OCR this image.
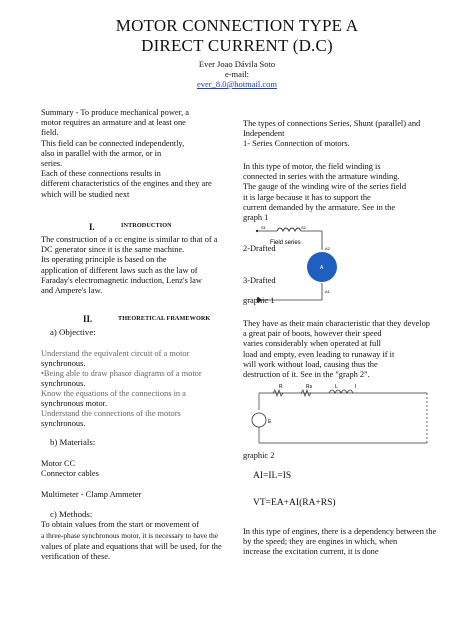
MOTOR CONNECTION TYPE A
DIRECT CURRENT (D.C)
Ever Joao Dávila Soto
e-mail:
ever_8.0@hotmail.com
Summary - To produce mechanical power, a
motor requires an armature and at least one
field.
This field can be connected independently,
also in parallel with the armor, or in
series.
Each of these connections results in
different characteristics of the engines and they are
which will be studied next
I.	INTRODUCTION
The construction of a cc engine is similar to that of a
DC generator since it is the same machine.
Its operating principle is based on the
application of different laws such as the law of
Faraday's electromagnetic induction, Lenz's law
and Ampere's law.
II.	THEORETICAL FRAMEWORK
a) Objective:
Understand the equivalent circuit of a motor
synchronous.
•Being able to draw phasor diagrams of a motor
synchronous.
Know the equations of the connections in a
synchronous motor.
Understand the connections of the motors
synchronous.
b) Materials:
Motor CC
Connector cables
Multimeter - Clamp Ammeter
c) Methods:
To obtain values from the start or movement of
a three-phase synchronous motor, it is necessary to have the
values of plate and equations that will be used, for the
verification of these.
The types of connections Series, Shunt (parallel) and
Independent
1- Series Connection of motors.
In this type of motor, the field winding is
connected in series with the armature winding.
The gauge of the winding wire of the series field
it is large because it has to support the
current demanded by the armature. See in the
graph 1
S1	S2
A2
A1
A
Field series
2-Drafted
3-Drafted
graphic 1
They have as their main characteristic that they develop
a great pair of boots, however their speed
varies considerably when operated at full
load and empty, even leading to runaway if it
will work without load, causing thus the
destruction of it. See in the "graph 2".
R	Rs	L	I
E
graphic 2
AI=IL=IS
VT=EA+AI(RA+RS)
In this type of engines, there is a dependency between the
by the speed; they are engines in which, when
increase the excitation current, it is done
